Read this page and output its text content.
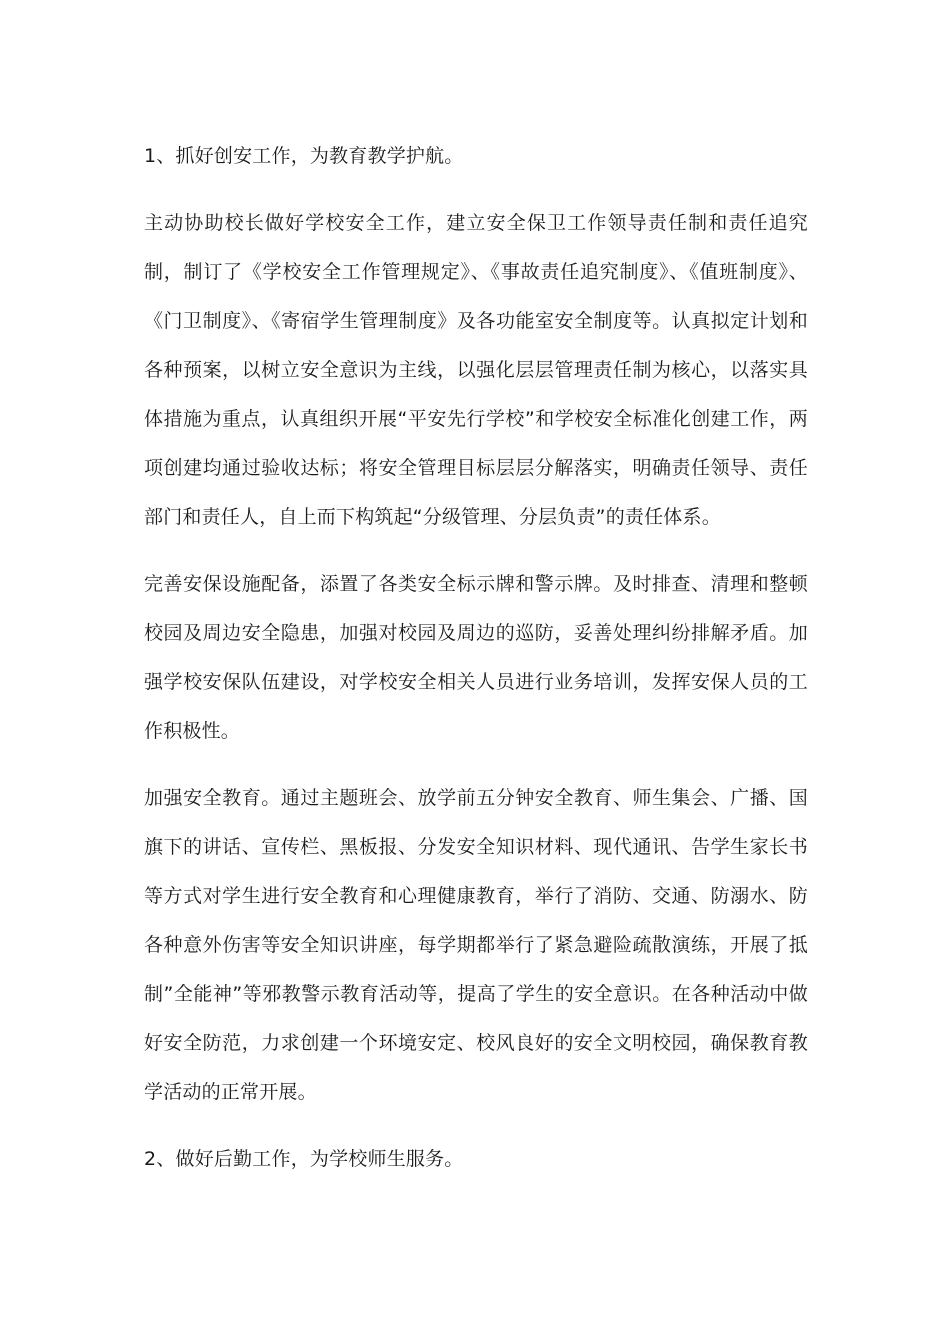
1、抓好创安工作，为教育教学护航。

主动协助校长做好学校安全工作，建立安全保卫工作领导责任制和责任追究制，制订了《学校安全工作管理规定》、《事故责任追究制度》、《值班制度》、《门卫制度》、《寄宿学生管理制度》及各功能室安全制度等。认真拟定计划和各种预案，以树立安全意识为主线，以强化层层管理责任制为核心，以落实具体措施为重点，认真组织开展“平安先行学校”和学校安全标准化创建工作，两项创建均通过验收达标；将安全管理目标层层分解落实，明确责任领导、责任部门和责任人，自上而下构筑起“分级管理、分层负责”的责任体系。

完善安保设施配备，添置了各类安全标示牌和警示牌。及时排查、清理和整顿校园及周边安全隐患，加强对校园及周边的巡防，妥善处理纠纷排解矛盾。加强学校安保队伍建设，对学校安全相关人员进行业务培训，发挥安保人员的工作积极性。

加强安全教育。通过主题班会、放学前五分钟安全教育、师生集会、广播、国旗下的讲话、宣传栏、黑板报、分发安全知识材料、现代通讯、告学生家长书等方式对学生进行安全教育和心理健康教育，举行了消防、交通、防溺水、防各种意外伤害等安全知识讲座，每学期都举行了紧急避险疏散演练，开展了抵制”全能神”等邪教警示教育活动等，提高了学生的安全意识。在各种活动中做好安全防范，力求创建一个环境安定、校风良好的安全文明校园，确保教育教学活动的正常开展。

2、做好后勤工作，为学校师生服务。
